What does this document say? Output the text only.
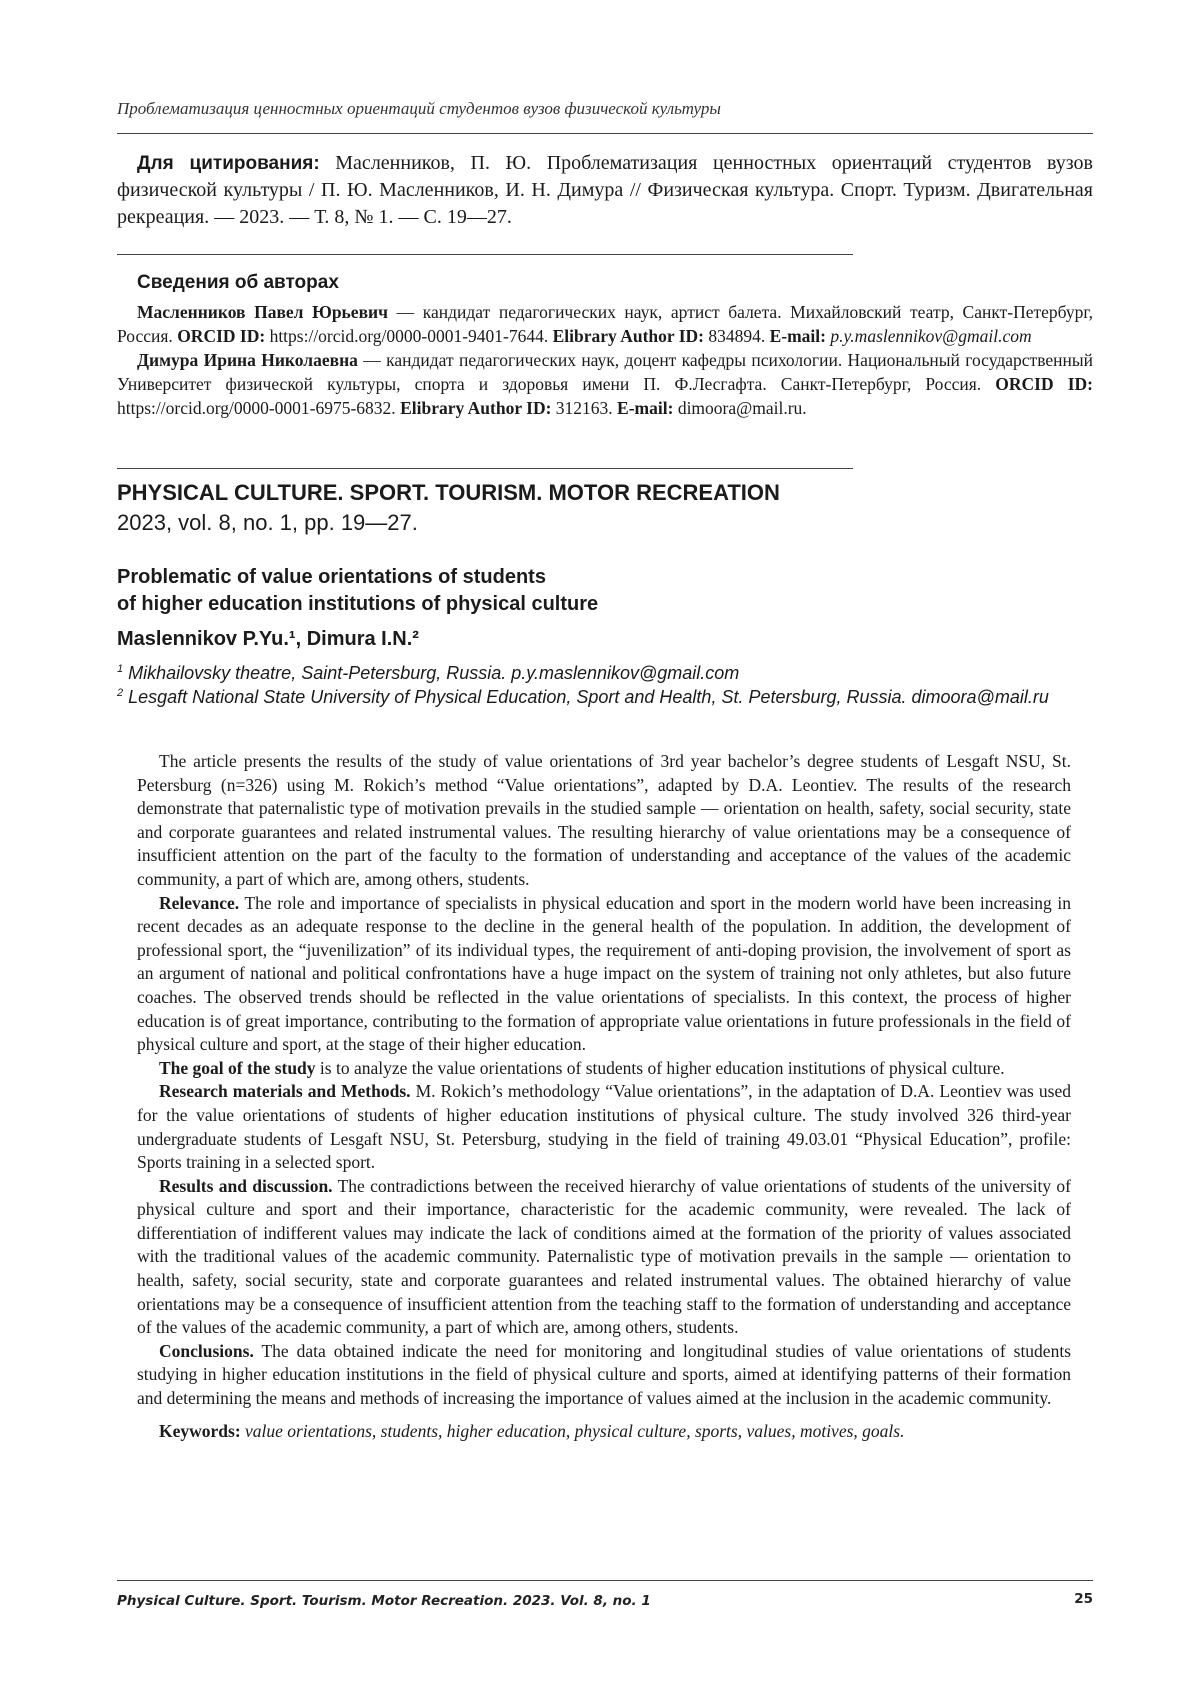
Проблематизация ценностных ориентаций студентов вузов физической культуры
Для цитирования: Масленников, П. Ю. Проблематизация ценностных ориентаций студентов вузов физической культуры / П. Ю. Масленников, И. Н. Димура // Физическая культура. Спорт. Туризм. Двигательная рекреация. — 2023. — Т. 8, № 1. — С. 19—27.
Сведения об авторах

Масленников Павел Юрьевич — кандидат педагогических наук, артист балета. Михайловский театр, Санкт-Петербург, Россия. ORCID ID: https://orcid.org/0000-0001-9401-7644. Elibrary Author ID: 834894. E-mail: p.y.maslennikov@gmail.com

Димура Ирина Николаевна — кандидат педагогических наук, доцент кафедры психологии. Национальный государственный Университет физической культуры, спорта и здоровья имени П. Ф.Лесгафта. Санкт-Петербург, Россия. ORCID ID: https://orcid.org/0000-0001-6975-6832. Elibrary Author ID: 312163. E-mail: dimoora@mail.ru.

PHYSICAL CULTURE. SPORT. TOURISM. MOTOR RECREATION
2023, vol. 8, no. 1, pp. 19—27.
Problematic of value orientations of students
of higher education institutions of physical culture
Maslennikov P.Yu.¹, Dimura I.N.²

$^1$ Mikhailovsky theatre, Saint-Petersburg, Russia. p.y.maslennikov@gmail.com

$^2$ Lesgaft National State University of Physical Education, Sport and Health, St. Petersburg, Russia. dimoora@mail.ru

The article presents the results of the study of value orientations of 3rd year bachelor’s degree students of Lesgaft NSU, St. Petersburg (n=326) using M. Rokich’s method “Value orientations”, adapted by D.A. Leontiev. The results of the research demonstrate that paternalistic type of motivation prevails in the studied sample — orientation on health, safety, social security, state and corporate guarantees and related instrumental values. The resulting hierarchy of value orientations may be a consequence of insufficient attention on the part of the faculty to the formation of understanding and acceptance of the values of the academic community, a part of which are, among others, students.

Relevance. The role and importance of specialists in physical education and sport in the modern world have been increasing in recent decades as an adequate response to the decline in the general health of the population. In addition, the development of professional sport, the “juvenilization” of its individual types, the requirement of anti-doping provision, the involvement of sport as an argument of national and political confrontations have a huge impact on the system of training not only athletes, but also future coaches. The observed trends should be reflected in the value orientations of specialists. In this context, the process of higher education is of great importance, contributing to the formation of appropriate value orientations in future professionals in the field of physical culture and sport, at the stage of their higher education.

The goal of the study is to analyze the value orientations of students of higher education institutions of physical culture.

Research materials and Methods. M. Rokich’s methodology “Value orientations”, in the adaptation of D.A. Leontiev was used for the value orientations of students of higher education institutions of physical culture. The study involved 326 third-year undergraduate students of Lesgaft NSU, St. Petersburg, studying in the field of training 49.03.01 “Physical Education”, profile: Sports training in a selected sport.

Results and discussion. The contradictions between the received hierarchy of value orientations of students of the university of physical culture and sport and their importance, characteristic for the academic community, were revealed. The lack of differentiation of indifferent values may indicate the lack of conditions aimed at the formation of the priority of values associated with the traditional values of the academic community. Paternalistic type of motivation prevails in the sample — orientation to health, safety, social security, state and corporate guarantees and related instrumental values. The obtained hierarchy of value orientations may be a consequence of insufficient attention from the teaching staff to the formation of understanding and acceptance of the values of the academic community, a part of which are, among others, students.

Conclusions. The data obtained indicate the need for monitoring and longitudinal studies of value orientations of students studying in higher education institutions in the field of physical culture and sports, aimed at identifying patterns of their formation and determining the means and methods of increasing the importance of values aimed at the inclusion in the academic community.

Keywords: value orientations, students, higher education, physical culture, sports, values, motives, goals.

Physical Culture. Sport. Tourism. Motor Recreation. 2023. Vol. 8, no. 1	25
